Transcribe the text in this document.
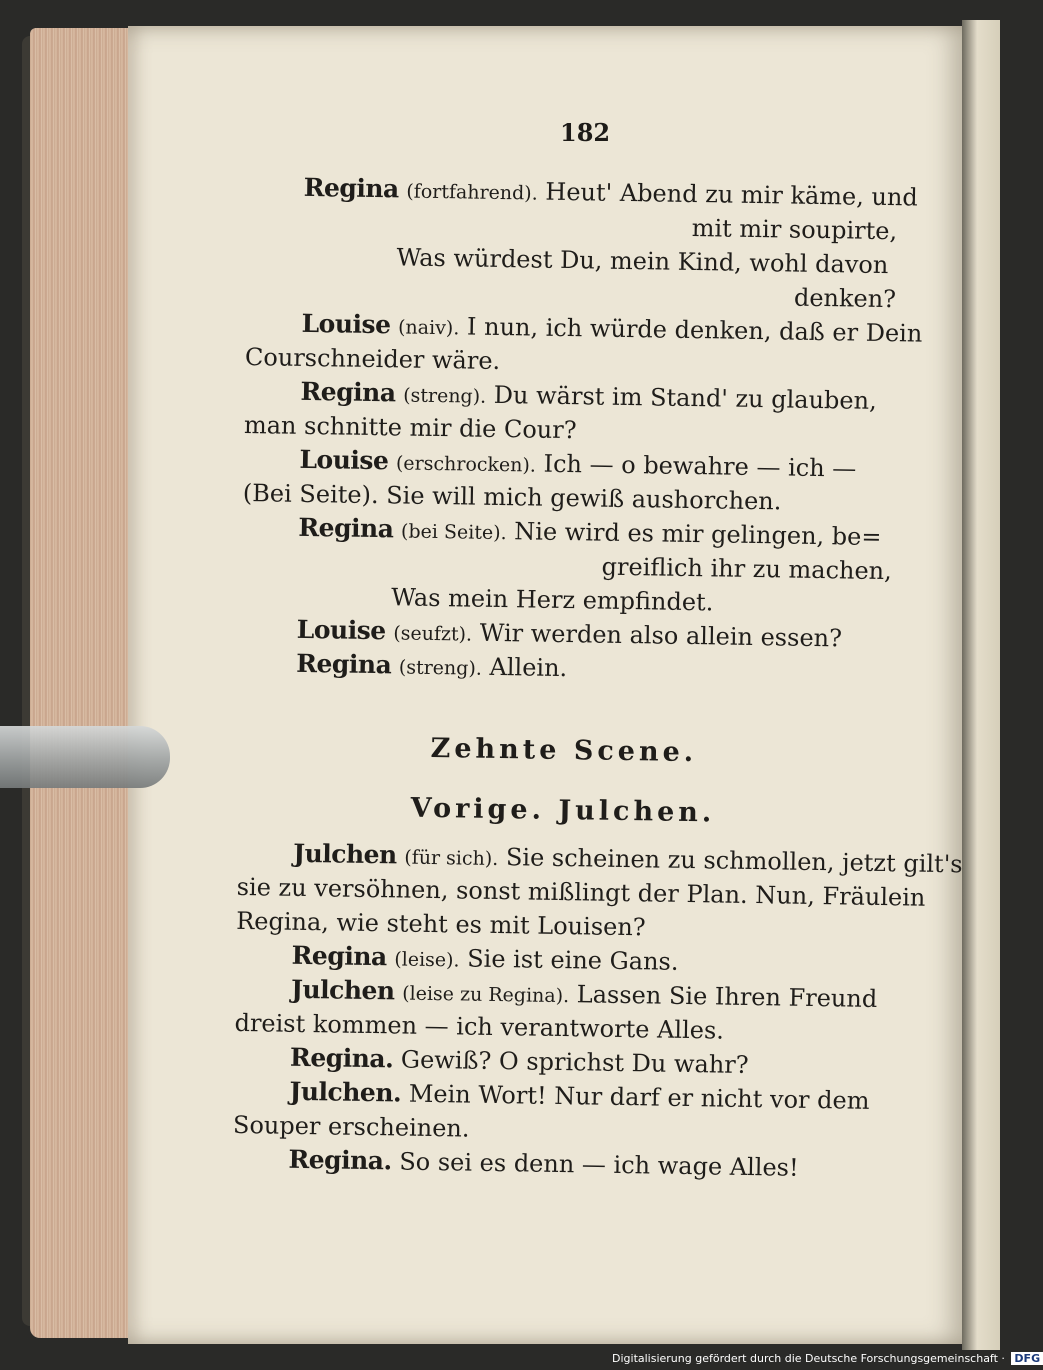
182
Regina (fortfahrend). Heut' Abend zu mir käme, und
mit mir soupirte,
Was würdest Du, mein Kind, wohl davon
denken?
Louise (naiv). I nun, ich würde denken, daß er Dein
Courschneider wäre.
Regina (streng). Du wärst im Stand' zu glauben,
man schnitte mir die Cour?
Louise (erschrocken). Ich — o bewahre — ich —
(Bei Seite). Sie will mich gewiß aushorchen.
Regina (bei Seite). Nie wird es mir gelingen, be=
greiflich ihr zu machen,
Was mein Herz empfindet.
Louise (seufzt). Wir werden also allein essen?
Regina (streng). Allein.
Zehnte Scene.
Vorige. Julchen.
Julchen (für sich). Sie scheinen zu schmollen, jetzt gilt's
sie zu versöhnen, sonst mißlingt der Plan. Nun, Fräulein
Regina, wie steht es mit Louisen?
Regina (leise). Sie ist eine Gans.
Julchen (leise zu Regina). Lassen Sie Ihren Freund
dreist kommen — ich verantworte Alles.
Regina. Gewiß? O sprichst Du wahr?
Julchen. Mein Wort! Nur darf er nicht vor dem
Souper erscheinen.
Regina. So sei es denn — ich wage Alles!
Digitalisierung gefördert durch die Deutsche Forschungsgemeinschaft · DFG
